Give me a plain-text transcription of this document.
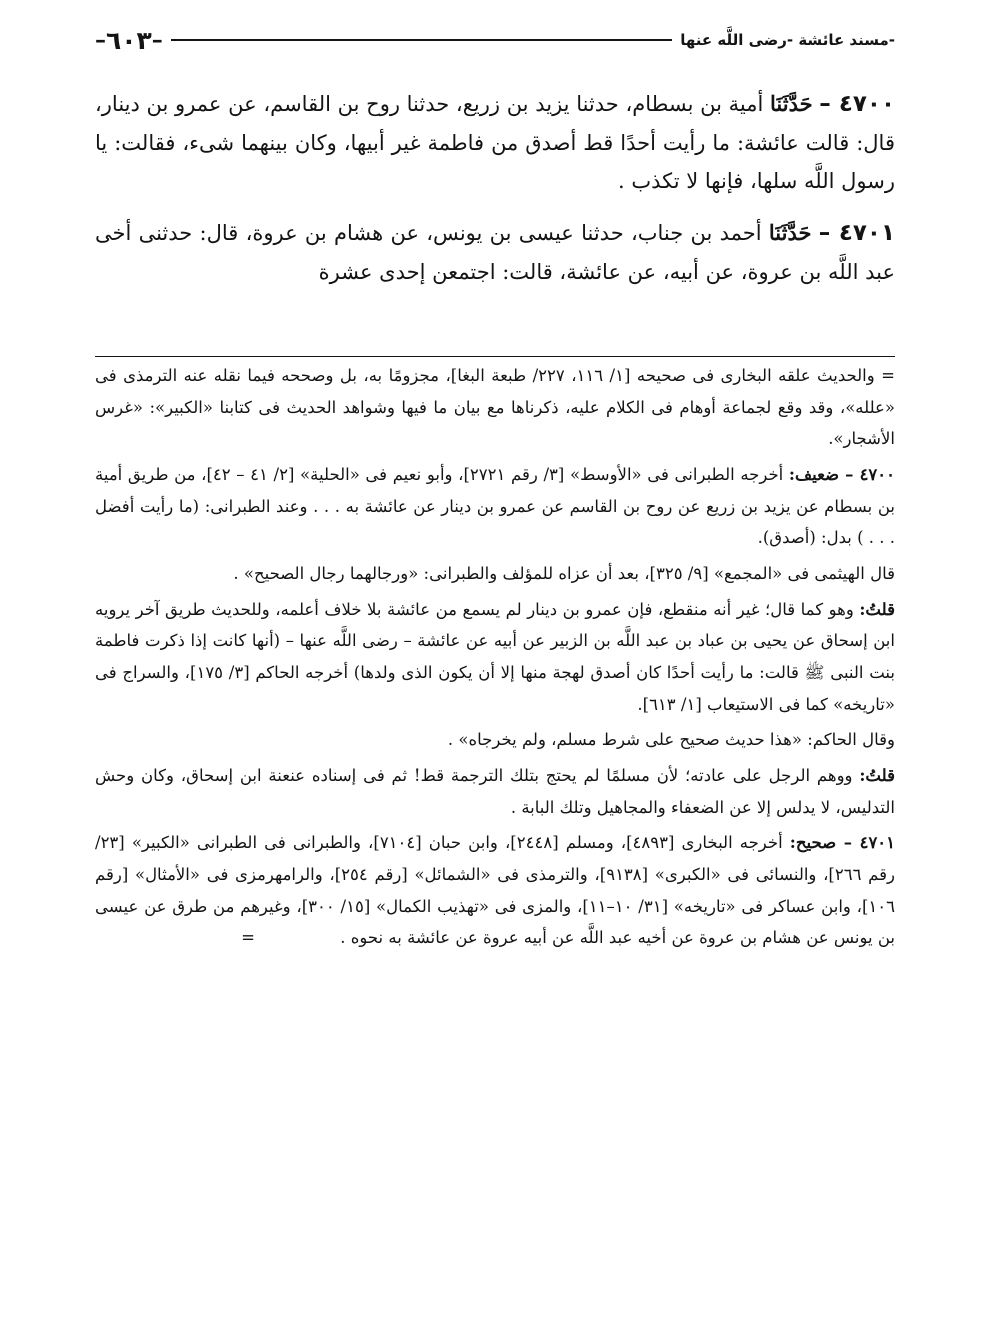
– ٦٠٣ –	مسند عائشة -رضى اللَّه عنها-

٤٧٠٠ – حَدَّثَنَا أمية بن بسطام، حدثنا يزيد بن زريع، حدثنا روح بن القاسم، عن عمرو بن دينار، قال: قالت عائشة: ما رأيت أحدًا قط أصدق من فاطمة غير أبيها، وكان بينهما شىء، فقالت: يا رسول اللَّه سلها، فإنها لا تكذب .

٤٧٠١ – حَدَّثَنَا أحمد بن جناب، حدثنا عيسى بن يونس، عن هشام بن عروة، قال: حدثنى أخى عبد اللَّه بن عروة، عن أبيه، عن عائشة، قالت: اجتمعن إحدى عشرة

= والحديث علقه البخارى فى صحيحه [١/ ١١٦، ٢٢٧/ طبعة البغا]، مجزومًا به، بل وصححه فيما نقله عنه الترمذى فى «علله»، وقد وقع لجماعة أوهام فى الكلام عليه، ذكرناها مع بيان ما فيها وشواهد الحديث فى كتابنا «الكبير»: «غرس الأشجار».

٤٧٠٠ – ضعيف: أخرجه الطبرانى فى «الأوسط» [٣/ رقم ٢٧٢١]، وأبو نعيم فى «الحلية» [٢/ ٤١ – ٤٢]، من طريق أمية بن بسطام عن يزيد بن زريع عن روح بن القاسم عن عمرو بن دينار عن عائشة به . . . وعند الطبرانى: (ما رأيت أفضل . . . ) بدل: (أصدق).

قال الهيثمى فى «المجمع» [٩/ ٣٢٥]، بعد أن عزاه للمؤلف والطبرانى: «ورجالهما رجال الصحيح» .

قلتُ: وهو كما قال؛ غير أنه منقطع، فإن عمرو بن دينار لم يسمع من عائشة بلا خلاف أعلمه، وللحديث طريق آخر يرويه ابن إسحاق عن يحيى بن عباد بن عبد اللَّه بن الزبير عن أبيه عن عائشة – رضى اللَّه عنها – (أنها كانت إذا ذكرت فاطمة بنت النبى ﷺ قالت: ما رأيت أحدًا كان أصدق لهجة منها إلا أن يكون الذى ولدها) أخرجه الحاكم [٣/ ١٧٥]، والسراج فى «تاريخه» كما فى الاستيعاب [١/ ٦١٣].

وقال الحاكم: «هذا حديث صحيح على شرط مسلم، ولم يخرجاه» .

قلتُ: ووهم الرجل على عادته؛ لأن مسلمًا لم يحتج بتلك الترجمة قط! ثم فى إسناده عنعنة ابن إسحاق، وكان وحش التدليس، لا يدلس إلا عن الضعفاء والمجاهيل وتلك البابة .

٤٧٠١ – صحيح: أخرجه البخارى [٤٨٩٣]، ومسلم [٢٤٤٨]، وابن حبان [٧١٠٤]، والطبرانى فى الطبرانى «الكبير» [٢٣/ رقم ٢٦٦]، والنسائى فى «الكبرى» [٩١٣٨]، والترمذى فى «الشمائل» [رقم ٢٥٤]، والرامهرمزى فى «الأمثال» [رقم ١٠٦]، وابن عساكر فى «تاريخه» [٣١/ ١٠–١١]، والمزى فى «تهذيب الكمال» [١٥/ ٣٠٠]، وغيرهم من طرق عن عيسى بن يونس عن هشام بن عروة عن أخيه عبد اللَّه عن أبيه عروة عن عائشة به نحوه . =
